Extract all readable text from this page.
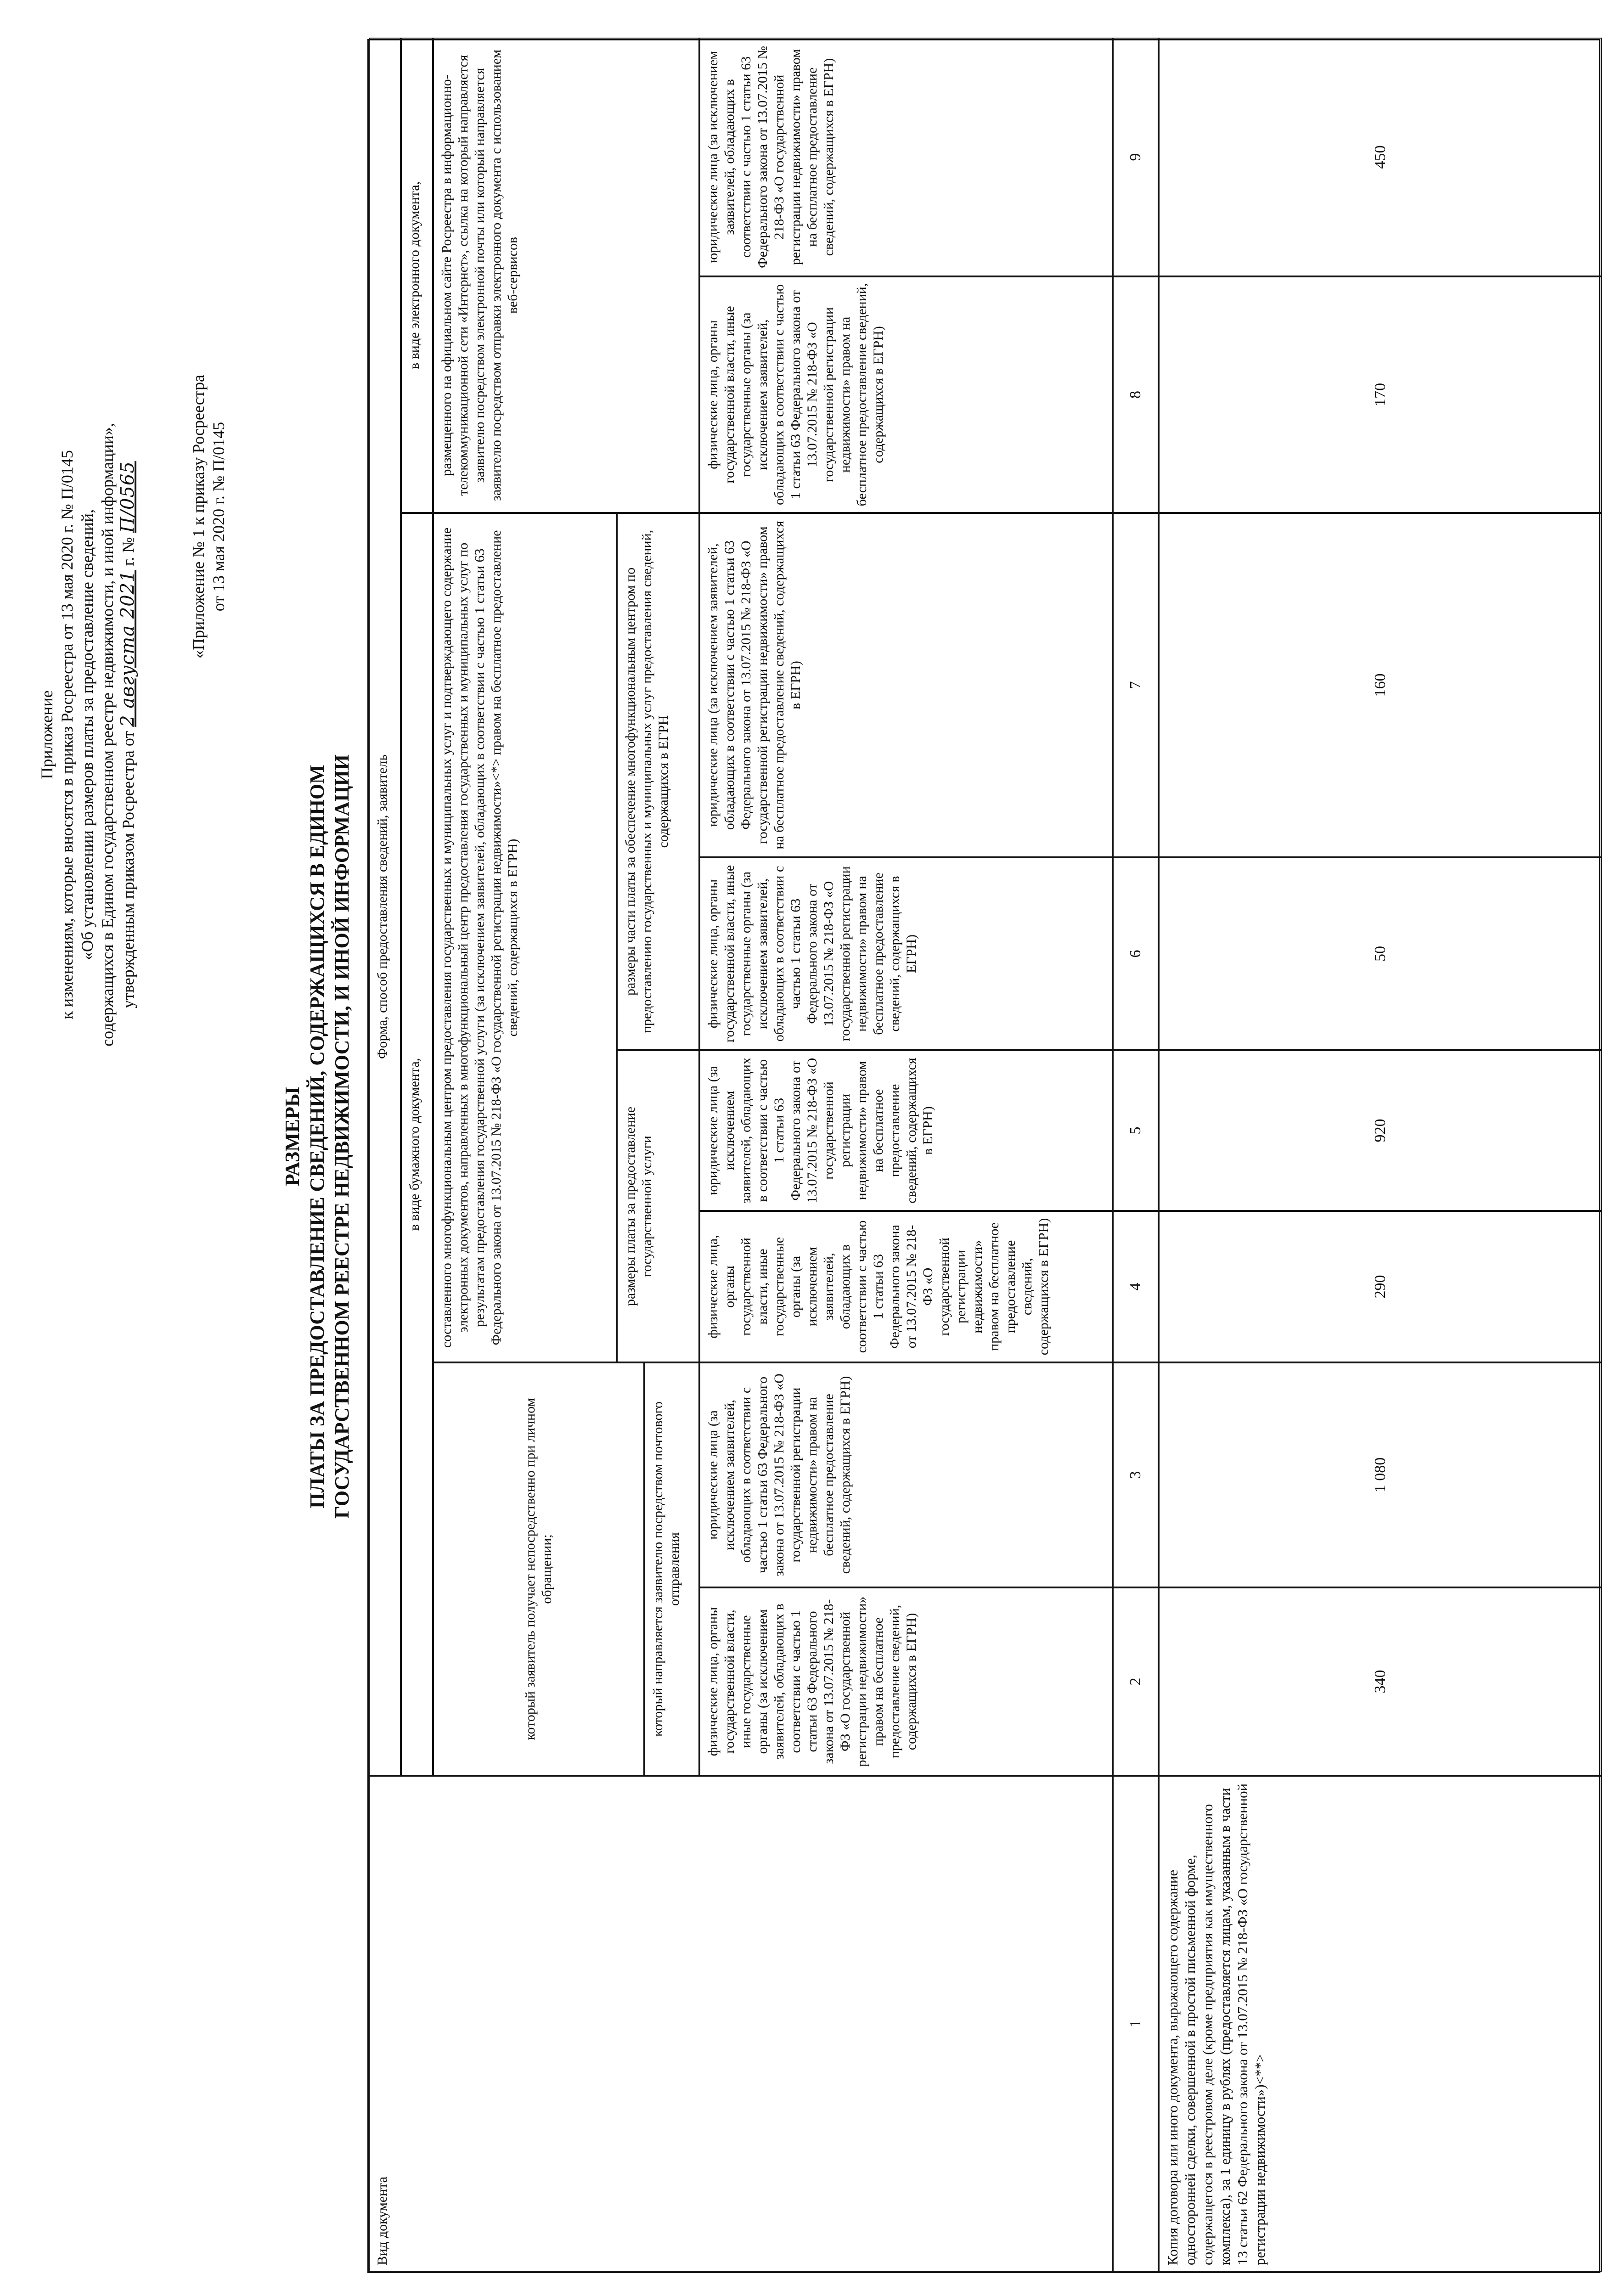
Приложение к изменениям, которые вносятся в приказ Росреестра от 13 мая 2020 г. № П/0145 «Об установлении размеров платы за предоставление сведений, содержащихся в Едином государственном реестре недвижимости, и иной информации», утвержденным приказом Росреестра от 2 августа 2021 г. № П/0565	«Приложение № 1 к приказу Росреестра от 13 мая 2020 г. № П/0145
РАЗМЕРЫ ПЛАТЫ ЗА ПРЕДОСТАВЛЕНИЕ СВЕДЕНИЙ, СОДЕРЖАЩИХСЯ В ЕДИНОМ ГОСУДАРСТВЕННОМ РЕЕСТРЕ НЕДВИЖИМОСТИ, И ИНОЙ ИНФОРМАЦИИ
Вид документа
Форма, способ предоставления сведений, заявитель
в виде бумажного документа,
в виде электронного документа,
который заявитель получает непосредственно при личном обращении;	который направляется заявителю посредством почтового отправления
составленного многофункциональным центром предоставления государственных и муниципальных услуг и подтверждающего содержание электронных документов, направленных в многофункциональный центр предоставления государственных и муниципальных услуг по результатам предоставления государственной услуги (за исключением заявителей, обладающих в соответствии с частью 1 статьи 63 Федерального закона от 13.07.2015 № 218-ФЗ «О государственной регистрации недвижимости»<*> правом на бесплатное предоставление сведений, содержащихся в ЕГРН)
размеры платы за предоставление государственной услуги
размеры части платы за обеспечение многофункциональным центром по предоставлению государственных и муниципальных услуг предоставления сведений, содержащихся в ЕГРН
размещенного на официальном сайте Росреестра в информационно-телекоммуникационной сети «Интернет», ссылка на который направляется заявителю посредством электронной почты или который направляется заявителю посредством отправки электронного документа с использованием веб-сервисов
физические лица, органы государственной власти, иные государственные органы (за исключением заявителей, обладающих в соответствии с частью 1 статьи 63 Федерального закона от 13.07.2015 № 218-ФЗ «О государственной регистрации недвижимости» правом на бесплатное предоставление сведений, содержащихся в ЕГРН)
юридические лица (за исключением заявителей, обладающих в соответствии с частью 1 статьи 63 Федерального закона от 13.07.2015 № 218-ФЗ «О государственной регистрации недвижимости» правом на бесплатное предоставление сведений, содержащихся в ЕГРН)
физические лица, органы государственной власти, иные государственные органы (за исключением заявителей, обладающих в соответствии с частью 1 статьи 63 Федерального закона от 13.07.2015 № 218-ФЗ «О государственной регистрации недвижимости» правом на бесплатное предоставление сведений, содержащихся в ЕГРН)
юридические лица (за исключением заявителей, обладающих в соответствии с частью 1 статьи 63 Федерального закона от 13.07.2015 № 218-ФЗ «О государственной регистрации недвижимости» правом на бесплатное предоставление сведений, содержащихся в ЕГРН)
физические лица, органы государственной власти, иные государственные органы (за исключением заявителей, обладающих в соответствии с частью 1 статьи 63 Федерального закона от 13.07.2015 № 218-ФЗ «О государственной регистрации недвижимости» правом на бесплатное предоставление сведений, содержащихся в ЕГРН)
юридические лица (за исключением заявителей, обладающих в соответствии с частью 1 статьи 63 Федерального закона от 13.07.2015 № 218-ФЗ «О государственной регистрации недвижимости» правом на бесплатное предоставление сведений, содержащихся в ЕГРН)
физические лица, органы государственной власти, иные государственные органы (за исключением заявителей, обладающих в соответствии с частью 1 статьи 63 Федерального закона от 13.07.2015 № 218-ФЗ «О государственной регистрации недвижимости» правом на бесплатное предоставление сведений, содержащихся в ЕГРН)
юридические лица (за исключением заявителей, обладающих в соответствии с частью 1 статьи 63 Федерального закона от 13.07.2015 № 218-ФЗ «О государственной регистрации недвижимости» правом на бесплатное предоставление сведений, содержащихся в ЕГРН)
1
2
3
4
5
6
7
8
9
Копия договора или иного документа, выражающего содержание односторонней сделки, совершенной в простой письменной форме, содержащегося в реестровом деле (кроме предприятия как имущественного комплекса), за 1 единицу в рублях (предоставляется лицам, указанным в части 13 статьи 62 Федерального закона от 13.07.2015 № 218-ФЗ «О государственной регистрации недвижимости»)<**>
340
1 080
290
920
50
160
170
450
